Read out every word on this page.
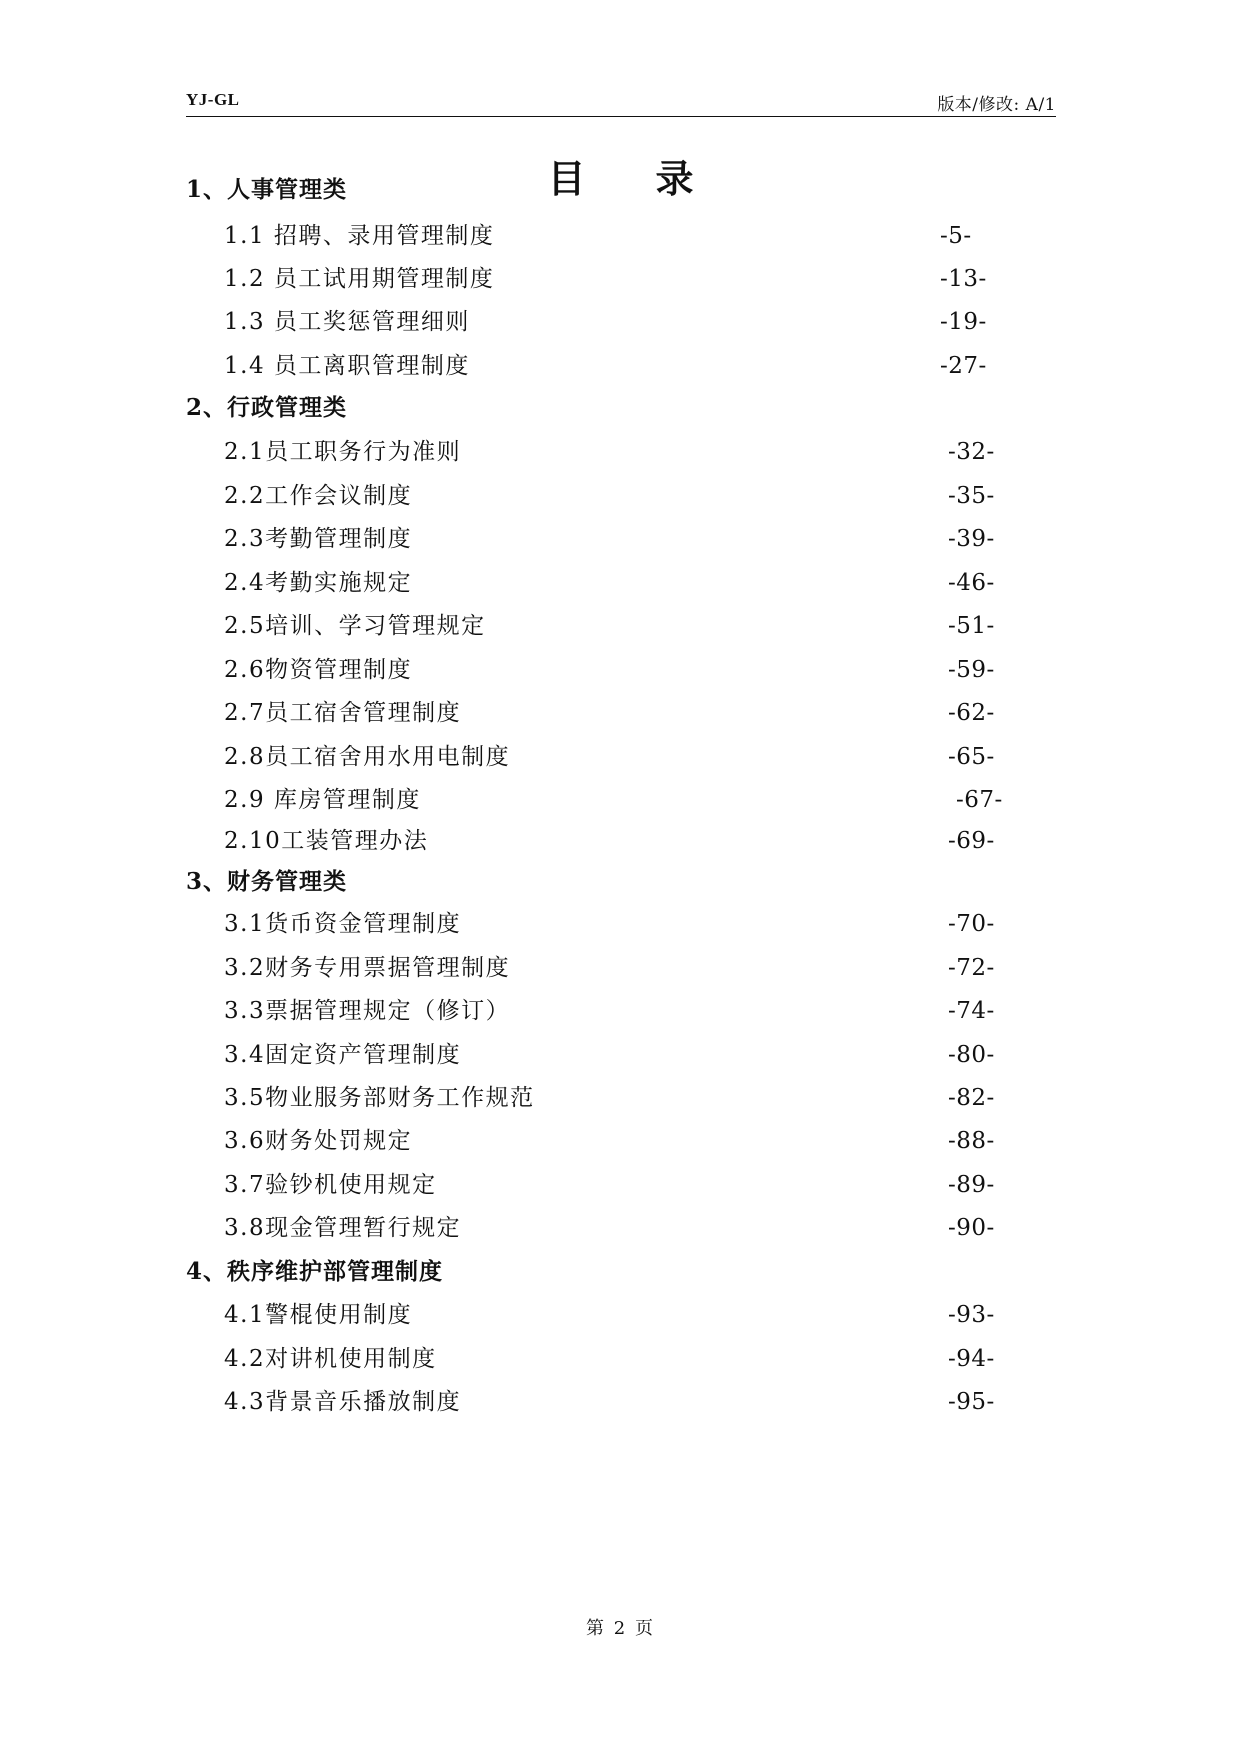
YJ-GL	版本/修改: A/1
目录
1、人事管理类
1.1 招聘、录用管理制度	-5-
1.2 员工试用期管理制度	-13-
1.3 员工奖惩管理细则	-19-
1.4 员工离职管理制度	-27-
2、行政管理类
2.1员工职务行为准则	-32-
2.2工作会议制度	-35-
2.3考勤管理制度	-39-
2.4考勤实施规定	-46-
2.5培训、学习管理规定	-51-
2.6物资管理制度	-59-
2.7员工宿舍管理制度	-62-
2.8员工宿舍用水用电制度	-65-
2.9 库房管理制度	-67-
2.10工装管理办法	-69-
3、财务管理类
3.1货币资金管理制度	-70-
3.2财务专用票据管理制度	-72-
3.3票据管理规定（修订）	-74-
3.4固定资产管理制度	-80-
3.5物业服务部财务工作规范	-82-
3.6财务处罚规定	-88-
3.7验钞机使用规定	-89-
3.8现金管理暂行规定	-90-
4、秩序维护部管理制度
4.1警棍使用制度	-93-
4.2对讲机使用制度	-94-
4.3背景音乐播放制度	-95-
第 2 页
